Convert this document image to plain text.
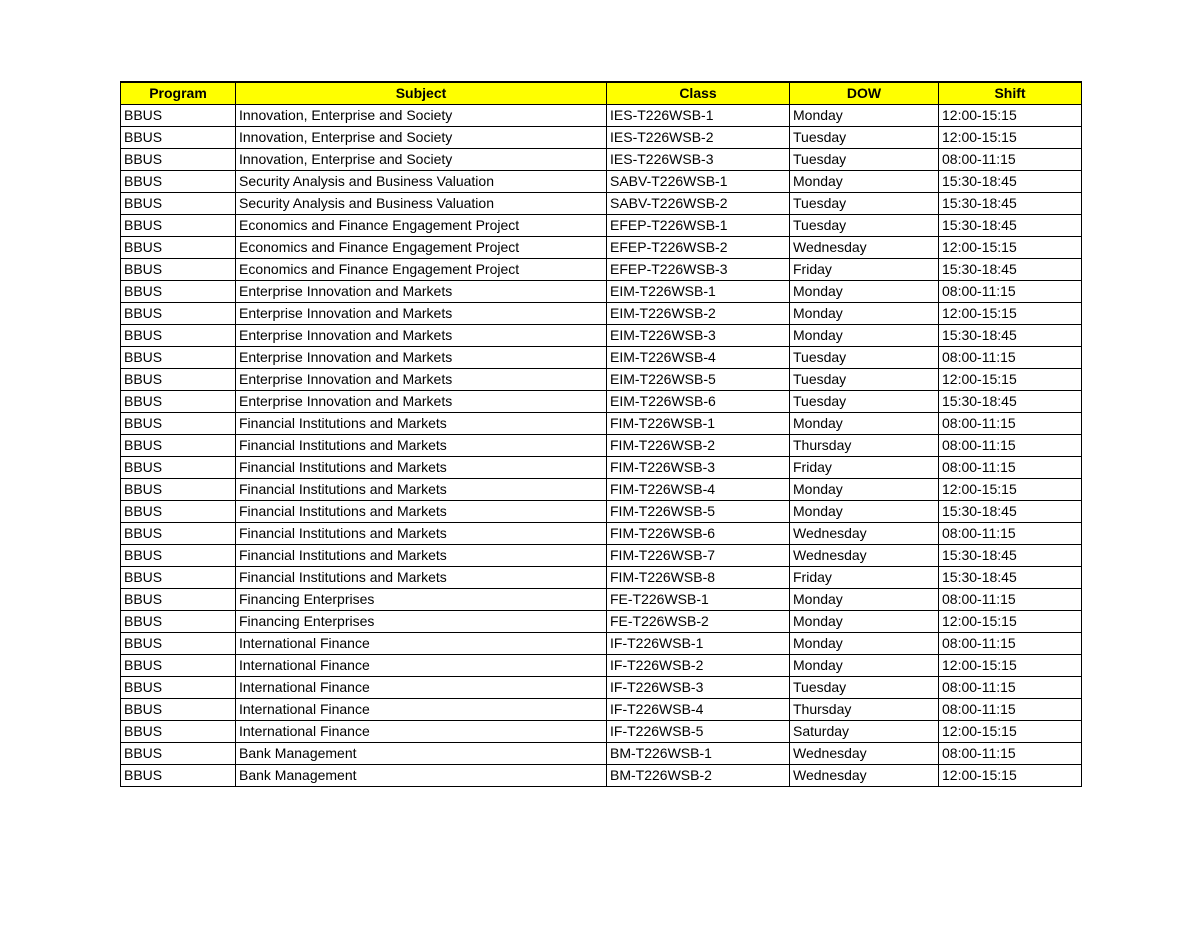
Program	Subject	Class	DOW	Shift
BBUS	Innovation, Enterprise and Society	IES-T226WSB-1	Monday	12:00-15:15
BBUS	Innovation, Enterprise and Society	IES-T226WSB-2	Tuesday	12:00-15:15
BBUS	Innovation, Enterprise and Society	IES-T226WSB-3	Tuesday	08:00-11:15
BBUS	Security Analysis and Business Valuation	SABV-T226WSB-1	Monday	15:30-18:45
BBUS	Security Analysis and Business Valuation	SABV-T226WSB-2	Tuesday	15:30-18:45
BBUS	Economics and Finance Engagement Project	EFEP-T226WSB-1	Tuesday	15:30-18:45
BBUS	Economics and Finance Engagement Project	EFEP-T226WSB-2	Wednesday	12:00-15:15
BBUS	Economics and Finance Engagement Project	EFEP-T226WSB-3	Friday	15:30-18:45
BBUS	Enterprise Innovation and Markets	EIM-T226WSB-1	Monday	08:00-11:15
BBUS	Enterprise Innovation and Markets	EIM-T226WSB-2	Monday	12:00-15:15
BBUS	Enterprise Innovation and Markets	EIM-T226WSB-3	Monday	15:30-18:45
BBUS	Enterprise Innovation and Markets	EIM-T226WSB-4	Tuesday	08:00-11:15
BBUS	Enterprise Innovation and Markets	EIM-T226WSB-5	Tuesday	12:00-15:15
BBUS	Enterprise Innovation and Markets	EIM-T226WSB-6	Tuesday	15:30-18:45
BBUS	Financial Institutions and Markets	FIM-T226WSB-1	Monday	08:00-11:15
BBUS	Financial Institutions and Markets	FIM-T226WSB-2	Thursday	08:00-11:15
BBUS	Financial Institutions and Markets	FIM-T226WSB-3	Friday	08:00-11:15
BBUS	Financial Institutions and Markets	FIM-T226WSB-4	Monday	12:00-15:15
BBUS	Financial Institutions and Markets	FIM-T226WSB-5	Monday	15:30-18:45
BBUS	Financial Institutions and Markets	FIM-T226WSB-6	Wednesday	08:00-11:15
BBUS	Financial Institutions and Markets	FIM-T226WSB-7	Wednesday	15:30-18:45
BBUS	Financial Institutions and Markets	FIM-T226WSB-8	Friday	15:30-18:45
BBUS	Financing Enterprises	FE-T226WSB-1	Monday	08:00-11:15
BBUS	Financing Enterprises	FE-T226WSB-2	Monday	12:00-15:15
BBUS	International Finance	IF-T226WSB-1	Monday	08:00-11:15
BBUS	International Finance	IF-T226WSB-2	Monday	12:00-15:15
BBUS	International Finance	IF-T226WSB-3	Tuesday	08:00-11:15
BBUS	International Finance	IF-T226WSB-4	Thursday	08:00-11:15
BBUS	International Finance	IF-T226WSB-5	Saturday	12:00-15:15
BBUS	Bank Management	BM-T226WSB-1	Wednesday	08:00-11:15
BBUS	Bank Management	BM-T226WSB-2	Wednesday	12:00-15:15
